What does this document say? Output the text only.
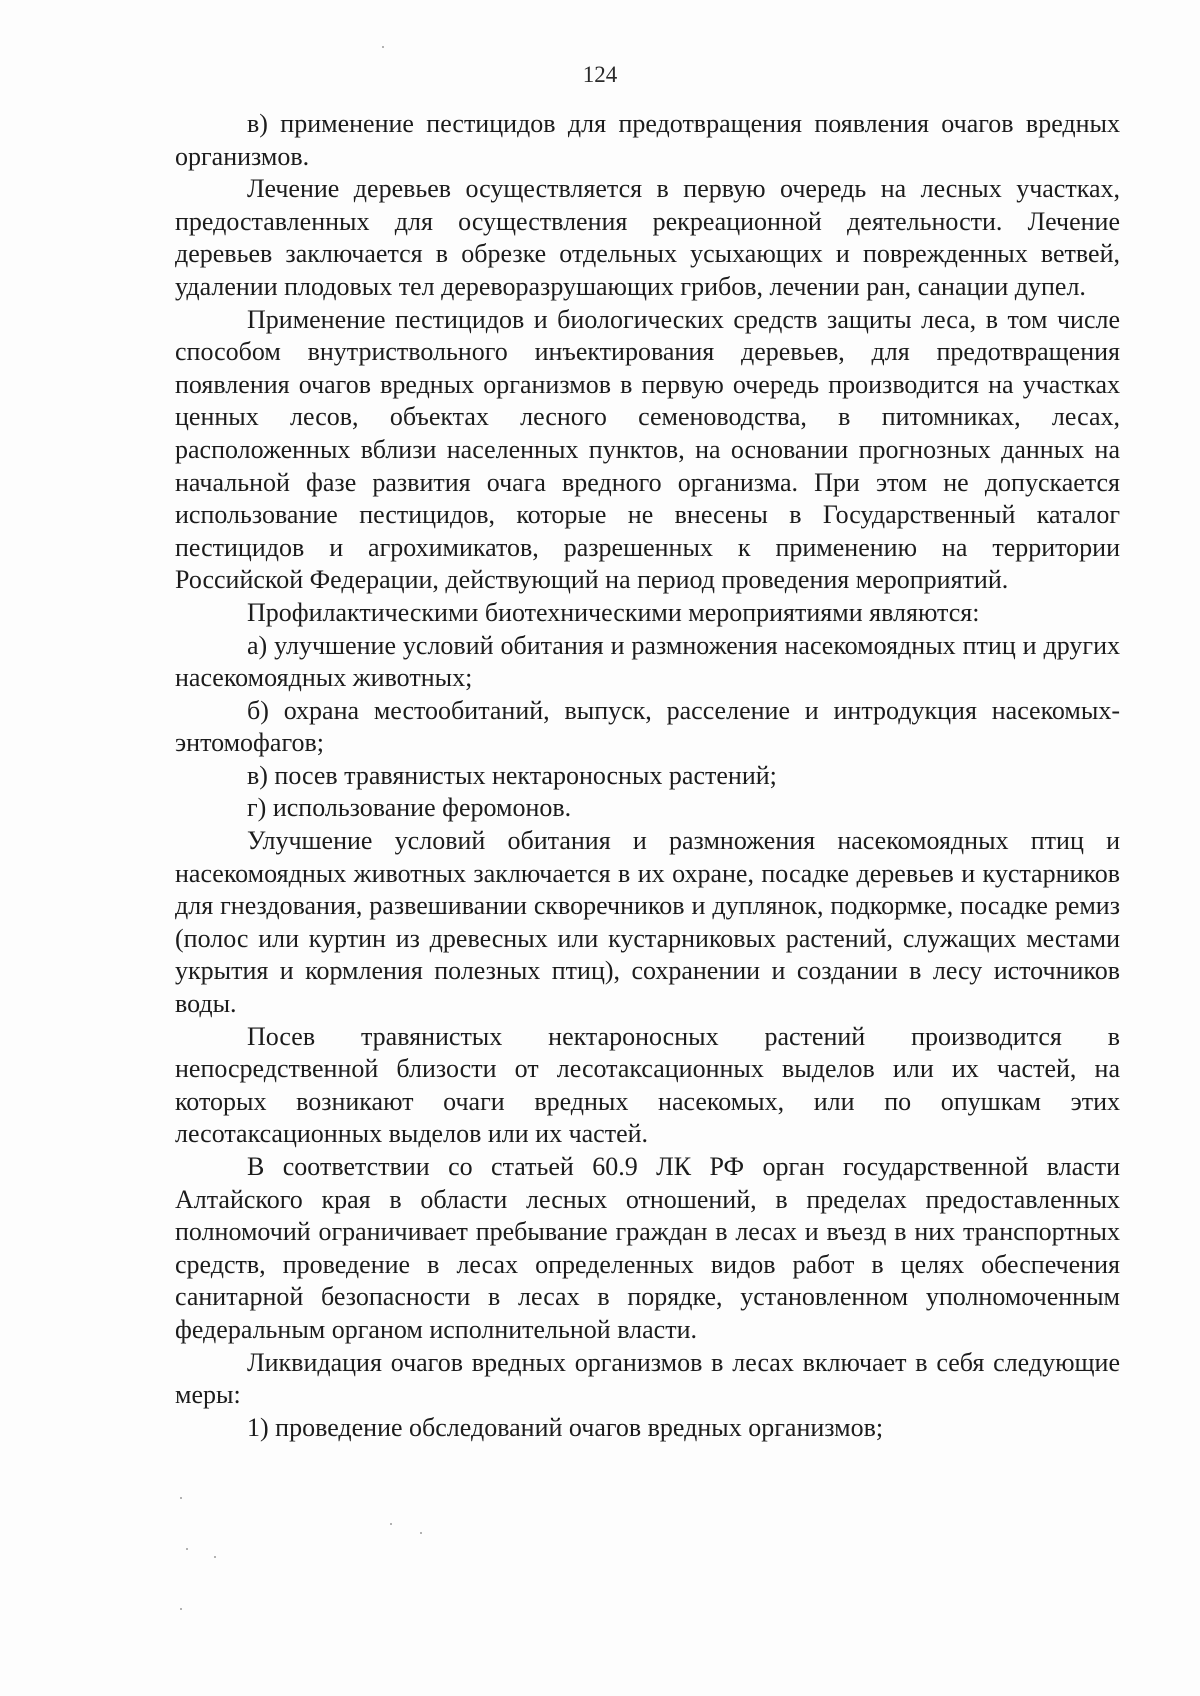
124

в) применение пестицидов для предотвращения появления очагов вредных организмов.

Лечение деревьев осуществляется в первую очередь на лесных участках, предоставленных для осуществления рекреационной деятельности. Лечение деревьев заключается в обрезке отдельных усыхающих и поврежденных ветвей, удалении плодовых тел дереворазрушающих грибов, лечении ран, санации дупел.

Применение пестицидов и биологических средств защиты леса, в том числе способом внутриствольного инъектирования деревьев, для предотвращения появления очагов вредных организмов в первую очередь производится на участках ценных лесов, объектах лесного семеноводства, в питомниках, лесах, расположенных вблизи населенных пунктов, на основании прогнозных данных на начальной фазе развития очага вредного организма. При этом не допускается использование пестицидов, которые не внесены в Государственный каталог пестицидов и агрохимикатов, разрешенных к применению на территории Российской Федерации, действующий на период проведения мероприятий.

Профилактическими биотехническими мероприятиями являются:

а) улучшение условий обитания и размножения насекомоядных птиц и других насекомоядных животных;

б) охрана местообитаний, выпуск, расселение и интродукция насекомых-энтомофагов;

в) посев травянистых нектароносных растений;

г) использование феромонов.

Улучшение условий обитания и размножения насекомоядных птиц и насекомоядных животных заключается в их охране, посадке деревьев и кустарников для гнездования, развешивании скворечников и дуплянок, подкормке, посадке ремиз (полос или куртин из древесных или кустарниковых растений, служащих местами укрытия и кормления полезных птиц), сохранении и создании в лесу источников воды.

Посев травянистых нектароносных растений производится в непосредственной близости от лесотаксационных выделов или их частей, на которых возникают очаги вредных насекомых, или по опушкам этих лесотаксационных выделов или их частей.

В соответствии со статьей 60.9 ЛК РФ орган государственной власти Алтайского края в области лесных отношений, в пределах предоставленных полномочий ограничивает пребывание граждан в лесах и въезд в них транспортных средств, проведение в лесах определенных видов работ в целях обеспечения санитарной безопасности в лесах в порядке, установленном уполномоченным федеральным органом исполнительной власти.

Ликвидация очагов вредных организмов в лесах включает в себя следующие меры:

1) проведение обследований очагов вредных организмов;
